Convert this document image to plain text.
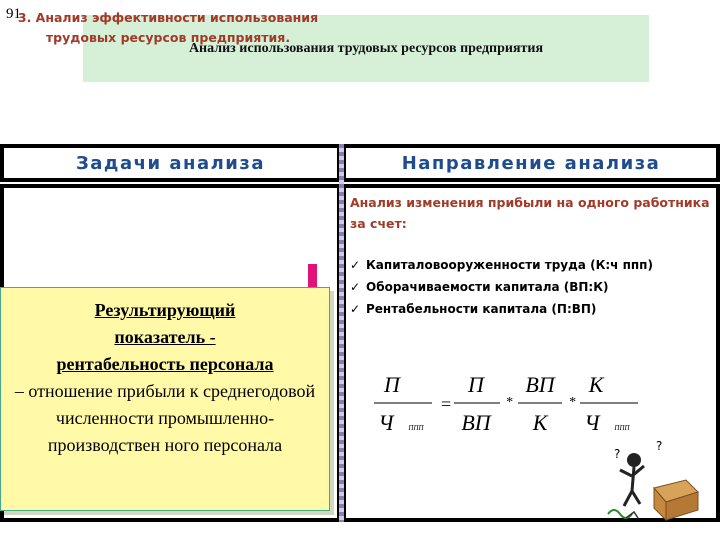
91
Анализ использования трудовых ресурсов предприятия
Задачи анализа	Направление анализа
3. Анализ эффективности использования трудовых ресурсов предприятия.
Результирующий
показатель -
рентабельность персонала
– отношение прибыли к среднегодовой численности промышленно-производствен ного персонала
Анализ изменения прибыли на одного работника за счет:
✓ Капиталовооруженности труда (К:ч ппп)
✓ Оборачиваемости капитала (ВП:К)
✓ Рентабельности капитала (П:ВП)
П
Ч ППП
=
П
ВП
*
ВП
К
*
К
Ч ППП
?
?
